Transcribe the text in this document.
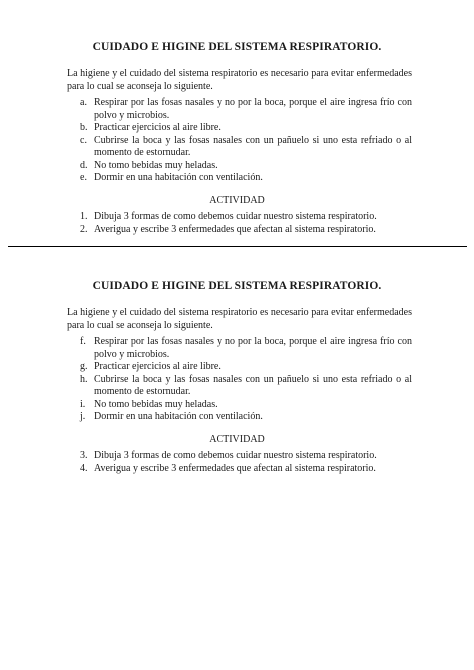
CUIDADO E HIGINE DEL SISTEMA RESPIRATORIO.
La higiene y el cuidado del sistema respiratorio es necesario para evitar enfermedades para lo cual se aconseja lo siguiente.
a. Respirar por las fosas nasales y no por la boca, porque el aire ingresa frío con polvo y microbios.
b. Practicar ejercicios al aire libre.
c. Cubrirse la boca y las fosas nasales con un pañuelo si uno esta refriado o al momento de estornudar.
d. No tomo bebidas muy heladas.
e. Dormir en una habitación con ventilación.
ACTIVIDAD
1. Dibuja 3 formas de como debemos cuidar nuestro sistema respiratorio.
2. Averigua y escribe 3 enfermedades que afectan al sistema respiratorio.
CUIDADO E HIGINE DEL SISTEMA RESPIRATORIO.
La higiene y el cuidado del sistema respiratorio es necesario para evitar enfermedades para lo cual se aconseja lo siguiente.
f. Respirar por las fosas nasales y no por la boca, porque el aire ingresa frío con polvo y microbios.
g. Practicar ejercicios al aire libre.
h. Cubrirse la boca y las fosas nasales con un pañuelo si uno esta refriado o al momento de estornudar.
i. No tomo bebidas muy heladas.
j. Dormir en una habitación con ventilación.
ACTIVIDAD
3. Dibuja 3 formas de como debemos cuidar nuestro sistema respiratorio.
4. Averigua y escribe 3 enfermedades que afectan al sistema respiratorio.
